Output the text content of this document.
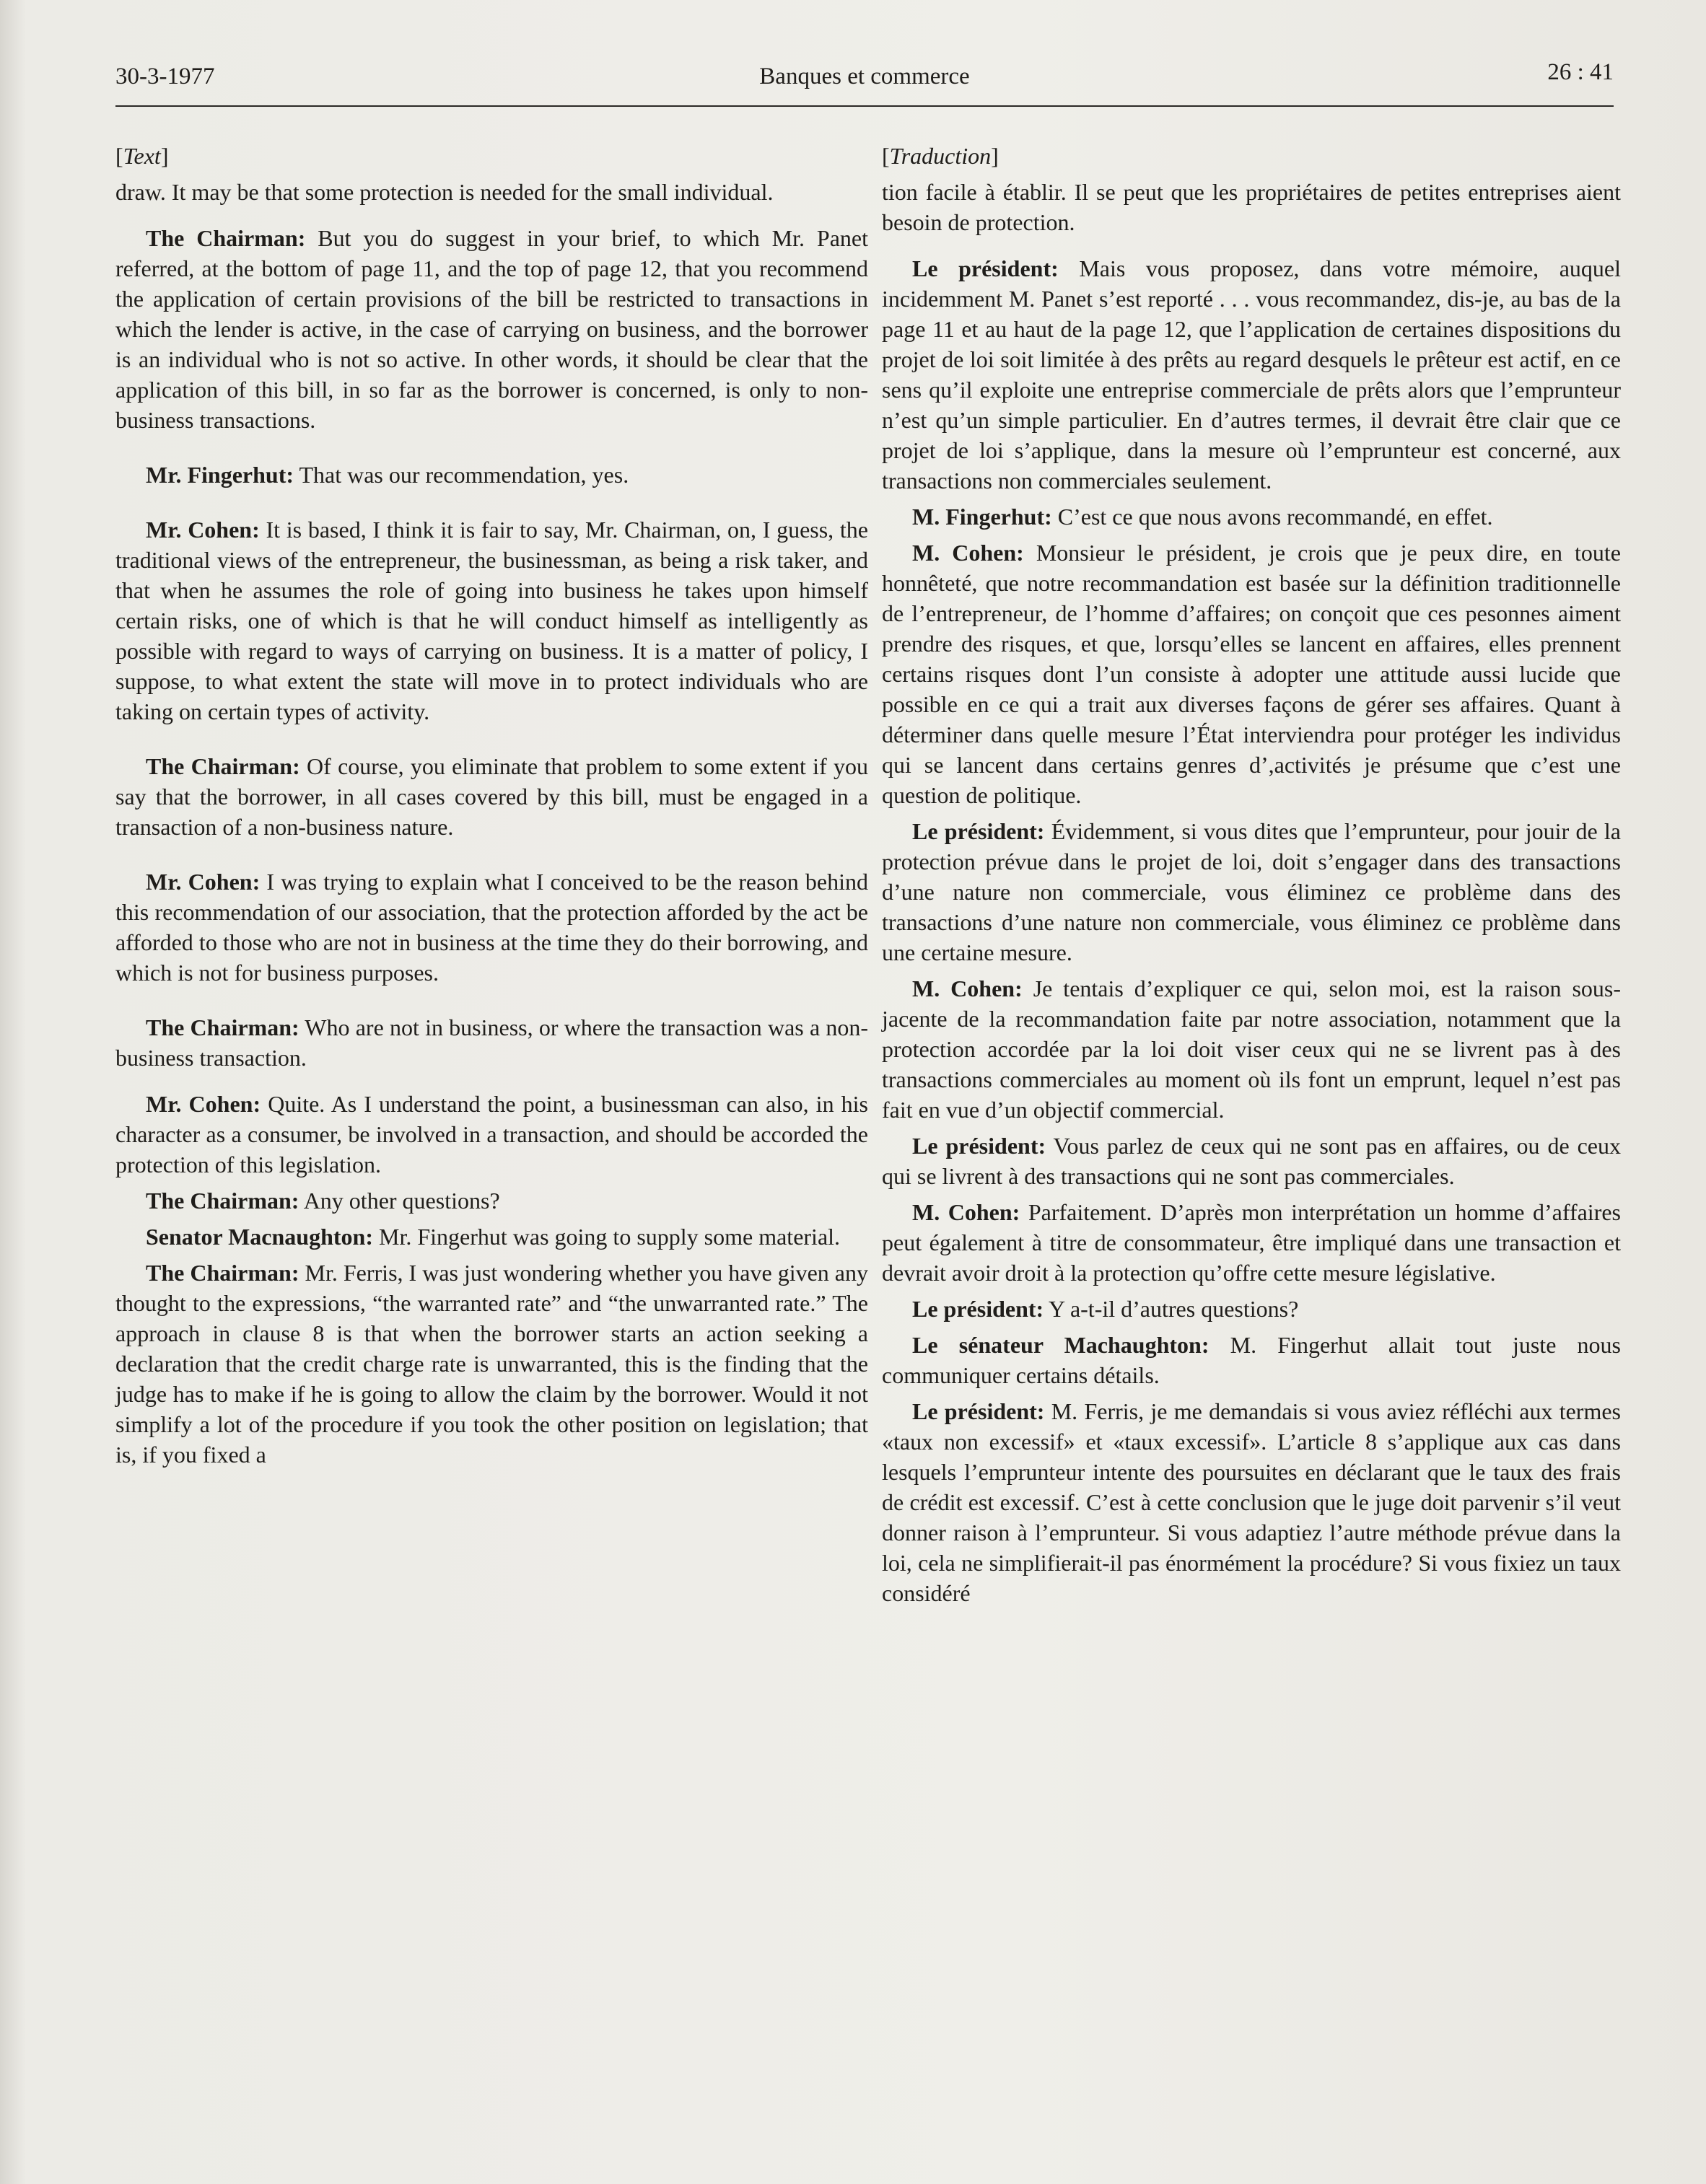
30-3-1977	Banques et commerce	26 : 41
[Text]

draw. It may be that some protection is needed for the small individual.

The Chairman: But you do suggest in your brief, to which Mr. Panet referred, at the bottom of page 11, and the top of page 12, that you recommend the application of certain provisions of the bill be restricted to transactions in which the lender is active, in the case of carrying on business, and the borrower is an individual who is not so active. In other words, it should be clear that the application of this bill, in so far as the borrower is concerned, is only to non-business transactions.

Mr. Fingerhut: That was our recommendation, yes.

Mr. Cohen: It is based, I think it is fair to say, Mr. Chairman, on, I guess, the traditional views of the entrepreneur, the businessman, as being a risk taker, and that when he assumes the role of going into business he takes upon himself certain risks, one of which is that he will conduct himself as intelligently as possible with regard to ways of carrying on business. It is a matter of policy, I suppose, to what extent the state will move in to protect individuals who are taking on certain types of activity.

The Chairman: Of course, you eliminate that problem to some extent if you say that the borrower, in all cases covered by this bill, must be engaged in a transaction of a non-business nature.

Mr. Cohen: I was trying to explain what I conceived to be the reason behind this recommendation of our association, that the protection afforded by the act be afforded to those who are not in business at the time they do their borrowing, and which is not for business purposes.

The Chairman: Who are not in business, or where the transaction was a non-business transaction.

Mr. Cohen: Quite. As I understand the point, a businessman can also, in his character as a consumer, be involved in a transaction, and should be accorded the protection of this legislation.

The Chairman: Any other questions?

Senator Macnaughton: Mr. Fingerhut was going to supply some material.

The Chairman: Mr. Ferris, I was just wondering whether you have given any thought to the expressions, “the warranted rate” and “the unwarranted rate.” The approach in clause 8 is that when the borrower starts an action seeking a declaration that the credit charge rate is unwarranted, this is the finding that the judge has to make if he is going to allow the claim by the borrower. Would it not simplify a lot of the procedure if you took the other position on legislation; that is, if you fixed a

[Traduction]

tion facile à établir. Il se peut que les propriétaires de petites entreprises aient besoin de protection.

Le président: Mais vous proposez, dans votre mémoire, auquel incidemment M. Panet s’est reporté . . . vous recommandez, dis-je, au bas de la page 11 et au haut de la page 12, que l’application de certaines dispositions du projet de loi soit limitée à des prêts au regard desquels le prêteur est actif, en ce sens qu’il exploite une entreprise commerciale de prêts alors que l’emprunteur n’est qu’un simple particulier. En d’autres termes, il devrait être clair que ce projet de loi s’applique, dans la mesure où l’emprunteur est concerné, aux transactions non commerciales seulement.

M. Fingerhut: C’est ce que nous avons recommandé, en effet.

M. Cohen: Monsieur le président, je crois que je peux dire, en toute honnêteté, que notre recommandation est basée sur la définition traditionnelle de l’entrepreneur, de l’homme d’affaires; on conçoit que ces pesonnes aiment prendre des risques, et que, lorsqu’elles se lancent en affaires, elles prennent certains risques dont l’un consiste à adopter une attitude aussi lucide que possible en ce qui a trait aux diverses façons de gérer ses affaires. Quant à déterminer dans quelle mesure l’État interviendra pour protéger les individus qui se lancent dans certains genres d’,activités je présume que c’est une question de politique.

Le président: Évidemment, si vous dites que l’emprunteur, pour jouir de la protection prévue dans le projet de loi, doit s’engager dans des transactions d’une nature non commerciale, vous éliminez ce problème dans des transactions d’une nature non commerciale, vous éliminez ce problème dans une certaine mesure.

M. Cohen: Je tentais d’expliquer ce qui, selon moi, est la raison sous-jacente de la recommandation faite par notre association, notamment que la protection accordée par la loi doit viser ceux qui ne se livrent pas à des transactions commerciales au moment où ils font un emprunt, lequel n’est pas fait en vue d’un objectif commercial.

Le président: Vous parlez de ceux qui ne sont pas en affaires, ou de ceux qui se livrent à des transactions qui ne sont pas commerciales.

M. Cohen: Parfaitement. D’après mon interprétation un homme d’affaires peut également à titre de consommateur, être impliqué dans une transaction et devrait avoir droit à la protection qu’offre cette mesure législative.

Le président: Y a-t-il d’autres questions?

Le sénateur Machaughton: M. Fingerhut allait tout juste nous communiquer certains détails.

Le président: M. Ferris, je me demandais si vous aviez réfléchi aux termes «taux non excessif» et «taux excessif». L’article 8 s’applique aux cas dans lesquels l’emprunteur intente des poursuites en déclarant que le taux des frais de crédit est excessif. C’est à cette conclusion que le juge doit parvenir s’il veut donner raison à l’emprunteur. Si vous adaptiez l’autre méthode prévue dans la loi, cela ne simplifierait-il pas énormément la procédure? Si vous fixiez un taux considéré
